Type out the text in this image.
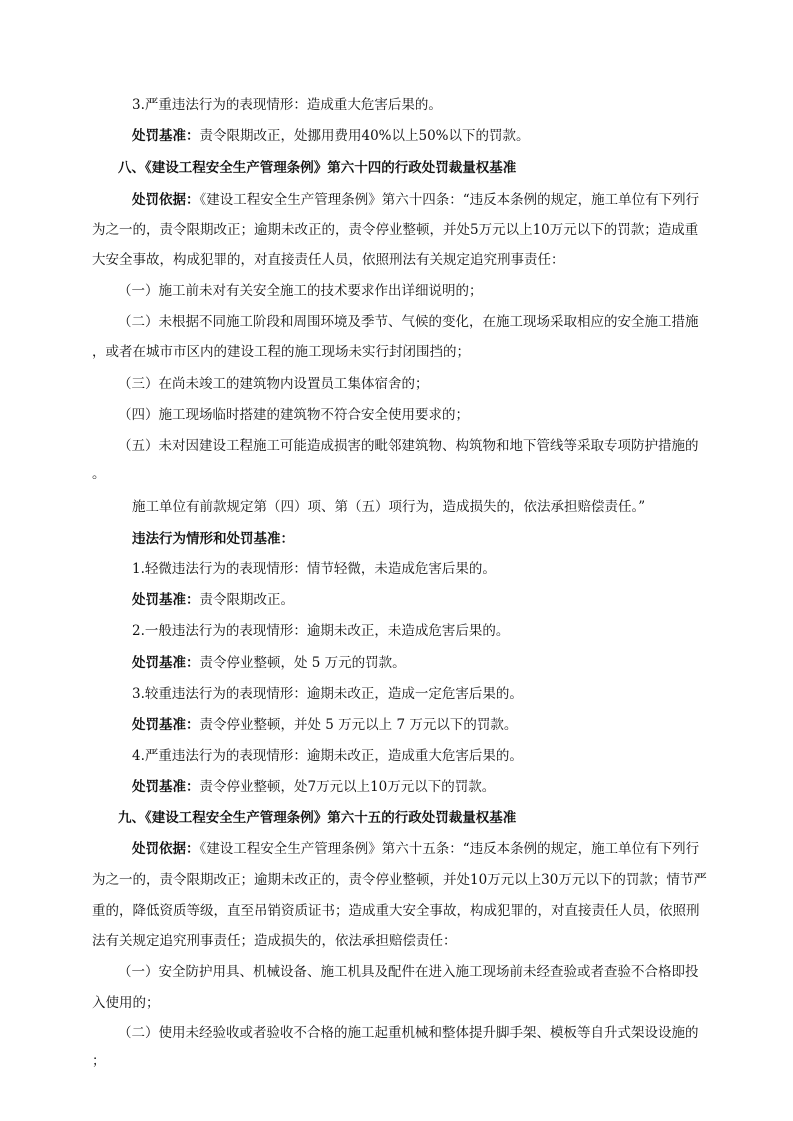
3.严重违法行为的表现情形：造成重大危害后果的。
处罚基准：责令限期改正，处挪用费用40%以上50%以下的罚款。
八、《建设工程安全生产管理条例》第六十四的行政处罚裁量权基准
处罚依据：《建设工程安全生产管理条例》第六十四条：“违反本条例的规定，施工单位有下列行
为之一的，责令限期改正；逾期未改正的，责令停业整顿，并处5万元以上10万元以下的罚款；造成重
大安全事故，构成犯罪的，对直接责任人员，依照刑法有关规定追究刑事责任：
（一）施工前未对有关安全施工的技术要求作出详细说明的；
（二）未根据不同施工阶段和周围环境及季节、气候的变化，在施工现场采取相应的安全施工措施
，或者在城市市区内的建设工程的施工现场未实行封闭围挡的；
（三）在尚未竣工的建筑物内设置员工集体宿舍的；
（四）施工现场临时搭建的建筑物不符合安全使用要求的；
（五）未对因建设工程施工可能造成损害的毗邻建筑物、构筑物和地下管线等采取专项防护措施的
。
施工单位有前款规定第（四）项、第（五）项行为，造成损失的，依法承担赔偿责任。”
违法行为情形和处罚基准：
1.轻微违法行为的表现情形：情节轻微，未造成危害后果的。
处罚基准：责令限期改正。
2.一般违法行为的表现情形：逾期未改正，未造成危害后果的。
处罚基准：责令停业整顿，处 5 万元的罚款。
3.较重违法行为的表现情形：逾期未改正，造成一定危害后果的。
处罚基准：责令停业整顿，并处 5 万元以上 7 万元以下的罚款。
4.严重违法行为的表现情形：逾期未改正，造成重大危害后果的。
处罚基准：责令停业整顿，处7万元以上10万元以下的罚款。
九、《建设工程安全生产管理条例》第六十五的行政处罚裁量权基准
处罚依据：《建设工程安全生产管理条例》第六十五条：“违反本条例的规定，施工单位有下列行
为之一的，责令限期改正；逾期未改正的，责令停业整顿，并处10万元以上30万元以下的罚款；情节严
重的，降低资质等级，直至吊销资质证书；造成重大安全事故，构成犯罪的，对直接责任人员，依照刑
法有关规定追究刑事责任；造成损失的，依法承担赔偿责任：
（一）安全防护用具、机械设备、施工机具及配件在进入施工现场前未经查验或者查验不合格即投
入使用的；
（二）使用未经验收或者验收不合格的施工起重机械和整体提升脚手架、模板等自升式架设设施的
；
